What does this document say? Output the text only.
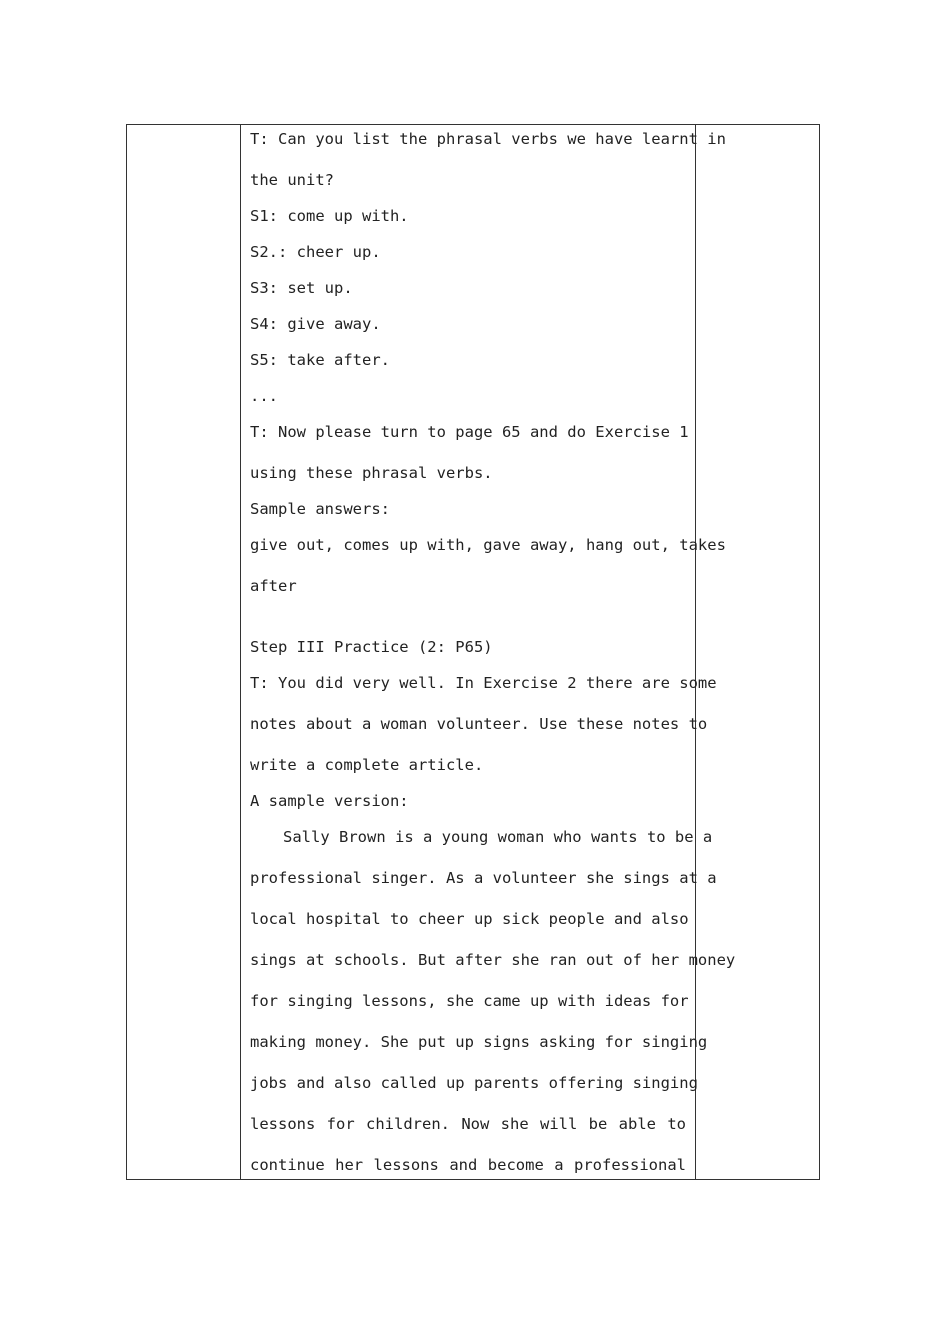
T: Can you list the phrasal verbs we have learnt in
the unit?
S1: come up with.
S2.: cheer up.
S3: set up.
S4: give away.
S5: take after.
...
T: Now please turn to page 65 and do Exercise 1
using these phrasal verbs.
Sample answers:
give out, comes up with, gave away, hang out, takes
after
Step III Practice (2: P65)
T: You did very well. In Exercise 2 there are some
notes about a woman volunteer. Use these notes to
write a complete article.
A sample version:
Sally Brown is a young woman who wants to be a
professional singer. As a volunteer she sings at a
local hospital to cheer up sick people and also
sings at schools. But after she ran out of her money
for singing lessons, she came up with ideas for
making money. She put up signs asking for singing
jobs and also called up parents offering singing
lessons for children. Now she will be able to
continue her lessons and become a professional
